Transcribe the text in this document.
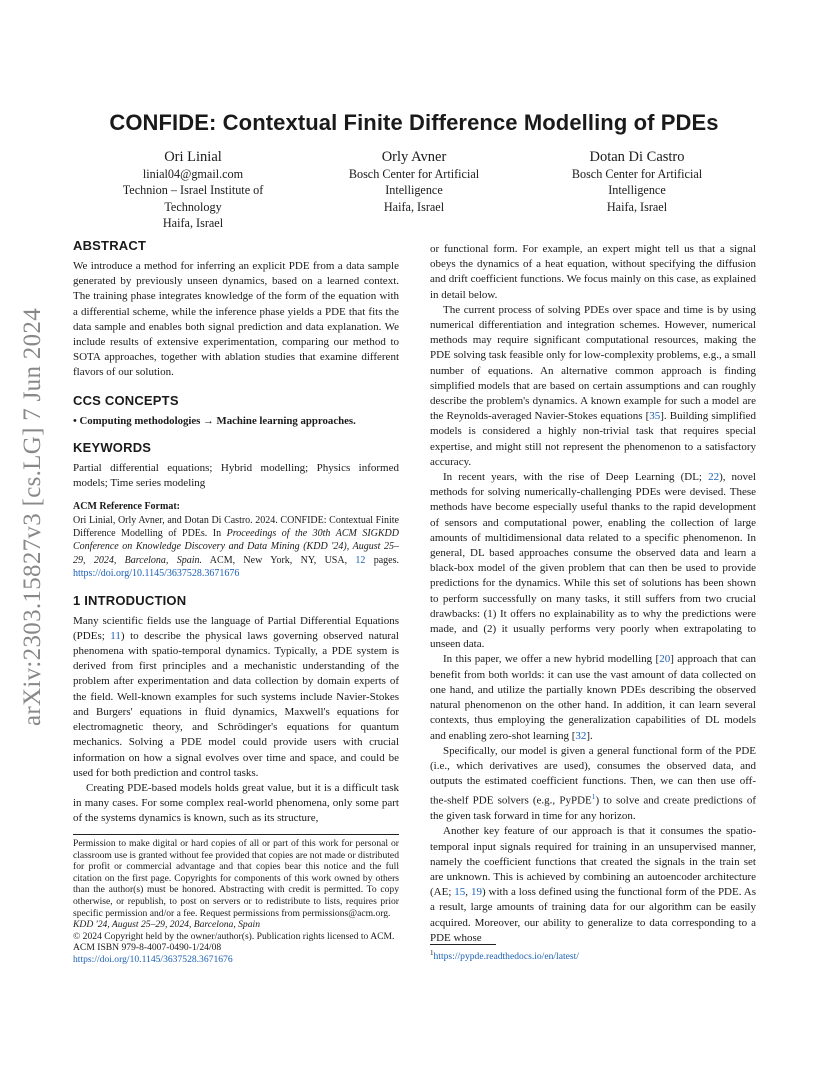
arXiv:2303.15827v3 [cs.LG] 7 Jun 2024
CONFIDE: Contextual Finite Difference Modelling of PDEs
Ori Linial
linial04@gmail.com
Technion – Israel Institute of
Technology
Haifa, Israel
Orly Avner
Bosch Center for Artificial
Intelligence
Haifa, Israel
Dotan Di Castro
Bosch Center for Artificial
Intelligence
Haifa, Israel
ABSTRACT

We introduce a method for inferring an explicit PDE from a data sample generated by previously unseen dynamics, based on a learned context. The training phase integrates knowledge of the form of the equation with a differential scheme, while the inference phase yields a PDE that fits the data sample and enables both signal prediction and data explanation. We include results of extensive experimentation, comparing our method to SOTA approaches, together with ablation studies that examine different flavors of our solution.

CCS CONCEPTS

• Computing methodologies → Machine learning approaches.

KEYWORDS

Partial differential equations; Hybrid modelling; Physics informed models; Time series modeling

ACM Reference Format:

Ori Linial, Orly Avner, and Dotan Di Castro. 2024. CONFIDE: Contextual Finite Difference Modelling of PDEs. In Proceedings of the 30th ACM SIGKDD Conference on Knowledge Discovery and Data Mining (KDD '24), August 25–29, 2024, Barcelona, Spain. ACM, New York, NY, USA, 12 pages. https://doi.org/10.1145/3637528.3671676

1 INTRODUCTION

Many scientific fields use the language of Partial Differential Equations (PDEs; 11) to describe the physical laws governing observed natural phenomena with spatio-temporal dynamics. Typically, a PDE system is derived from first principles and a mechanistic understanding of the problem after experimentation and data collection by domain experts of the field. Well-known examples for such systems include Navier-Stokes and Burgers' equations in fluid dynamics, Maxwell's equations for electromagnetic theory, and Schrödinger's equations for quantum mechanics. Solving a PDE model could provide users with crucial information on how a signal evolves over time and space, and could be used for both prediction and control tasks.

Creating PDE-based models holds great value, but it is a difficult task in many cases. For some complex real-world phenomena, only some part of the systems dynamics is known, such as its structure,

Permission to make digital or hard copies of all or part of this work for personal or classroom use is granted without fee provided that copies are not made or distributed for profit or commercial advantage and that copies bear this notice and the full citation on the first page. Copyrights for components of this work owned by others than the author(s) must be honored. Abstracting with credit is permitted. To copy otherwise, or republish, to post on servers or to redistribute to lists, requires prior specific permission and/or a fee. Request permissions from permissions@acm.org.

KDD '24, August 25–29, 2024, Barcelona, Spain

© 2024 Copyright held by the owner/author(s). Publication rights licensed to ACM.

ACM ISBN 979-8-4007-0490-1/24/08

https://doi.org/10.1145/3637528.3671676

or functional form. For example, an expert might tell us that a signal obeys the dynamics of a heat equation, without specifying the diffusion and drift coefficient functions. We focus mainly on this case, as explained in detail below.

The current process of solving PDEs over space and time is by using numerical differentiation and integration schemes. However, numerical methods may require significant computational resources, making the PDE solving task feasible only for low-complexity problems, e.g., a small number of equations. An alternative common approach is finding simplified models that are based on certain assumptions and can roughly describe the problem's dynamics. A known example for such a model are the Reynolds-averaged Navier-Stokes equations [35]. Building simplified models is considered a highly non-trivial task that requires special expertise, and might still not represent the phenomenon to a satisfactory accuracy.

In recent years, with the rise of Deep Learning (DL; 22), novel methods for solving numerically-challenging PDEs were devised. These methods have become especially useful thanks to the rapid development of sensors and computational power, enabling the collection of large amounts of multidimensional data related to a specific phenomenon. In general, DL based approaches consume the observed data and learn a black-box model of the given problem that can then be used to provide predictions for the dynamics. While this set of solutions has been shown to perform successfully on many tasks, it still suffers from two crucial drawbacks: (1) It offers no explainability as to why the predictions were made, and (2) it usually performs very poorly when extrapolating to unseen data.

In this paper, we offer a new hybrid modelling [20] approach that can benefit from both worlds: it can use the vast amount of data collected on one hand, and utilize the partially known PDEs describing the observed natural phenomenon on the other hand. In addition, it can learn several contexts, thus employing the generalization capabilities of DL models and enabling zero-shot learning [32].

Specifically, our model is given a general functional form of the PDE (i.e., which derivatives are used), consumes the observed data, and outputs the estimated coefficient functions. Then, we can then use off-the-shelf PDE solvers (e.g., PyPDE$^1$) to solve and create predictions of the given task forward in time for any horizon.

Another key feature of our approach is that it consumes the spatio-temporal input signals required for training in an unsupervised manner, namely the coefficient functions that created the signals in the train set are unknown. This is achieved by combining an autoencoder architecture (AE; 15, 19) with a loss defined using the functional form of the PDE. As a result, large amounts of training data for our algorithm can be easily acquired. Moreover, our ability to generalize to data corresponding to a PDE whose

$^1$https://pypde.readthedocs.io/en/latest/
